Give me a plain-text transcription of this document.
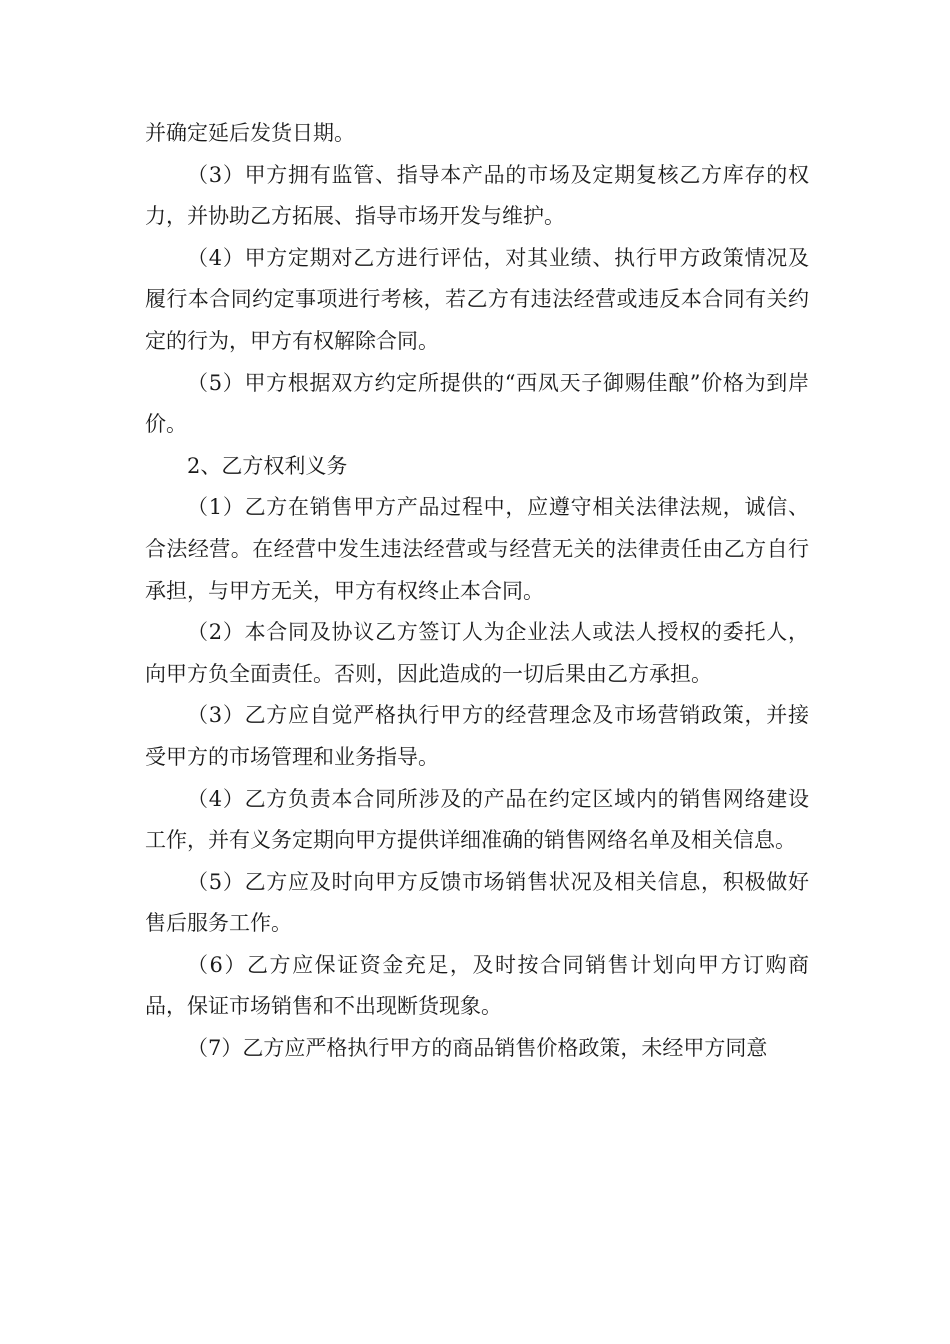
并确定延后发货日期。

（3）甲方拥有监管、指导本产品的市场及定期复核乙方库存的权力，并协助乙方拓展、指导市场开发与维护。

（4）甲方定期对乙方进行评估，对其业绩、执行甲方政策情况及履行本合同约定事项进行考核，若乙方有违法经营或违反本合同有关约定的行为，甲方有权解除合同。

（5）甲方根据双方约定所提供的“西凤天子御赐佳酿”价格为到岸价。

2、乙方权利义务

（1）乙方在销售甲方产品过程中，应遵守相关法律法规，诚信、合法经营。在经营中发生违法经营或与经营无关的法律责任由乙方自行承担，与甲方无关，甲方有权终止本合同。

（2）本合同及协议乙方签订人为企业法人或法人授权的委托人，向甲方负全面责任。否则，因此造成的一切后果由乙方承担。

（3）乙方应自觉严格执行甲方的经营理念及市场营销政策，并接受甲方的市场管理和业务指导。

（4）乙方负责本合同所涉及的产品在约定区域内的销售网络建设工作，并有义务定期向甲方提供详细准确的销售网络名单及相关信息。

（5）乙方应及时向甲方反馈市场销售状况及相关信息，积极做好售后服务工作。

（6）乙方应保证资金充足，及时按合同销售计划向甲方订购商品，保证市场销售和不出现断货现象。

（7）乙方应严格执行甲方的商品销售价格政策，未经甲方同意
